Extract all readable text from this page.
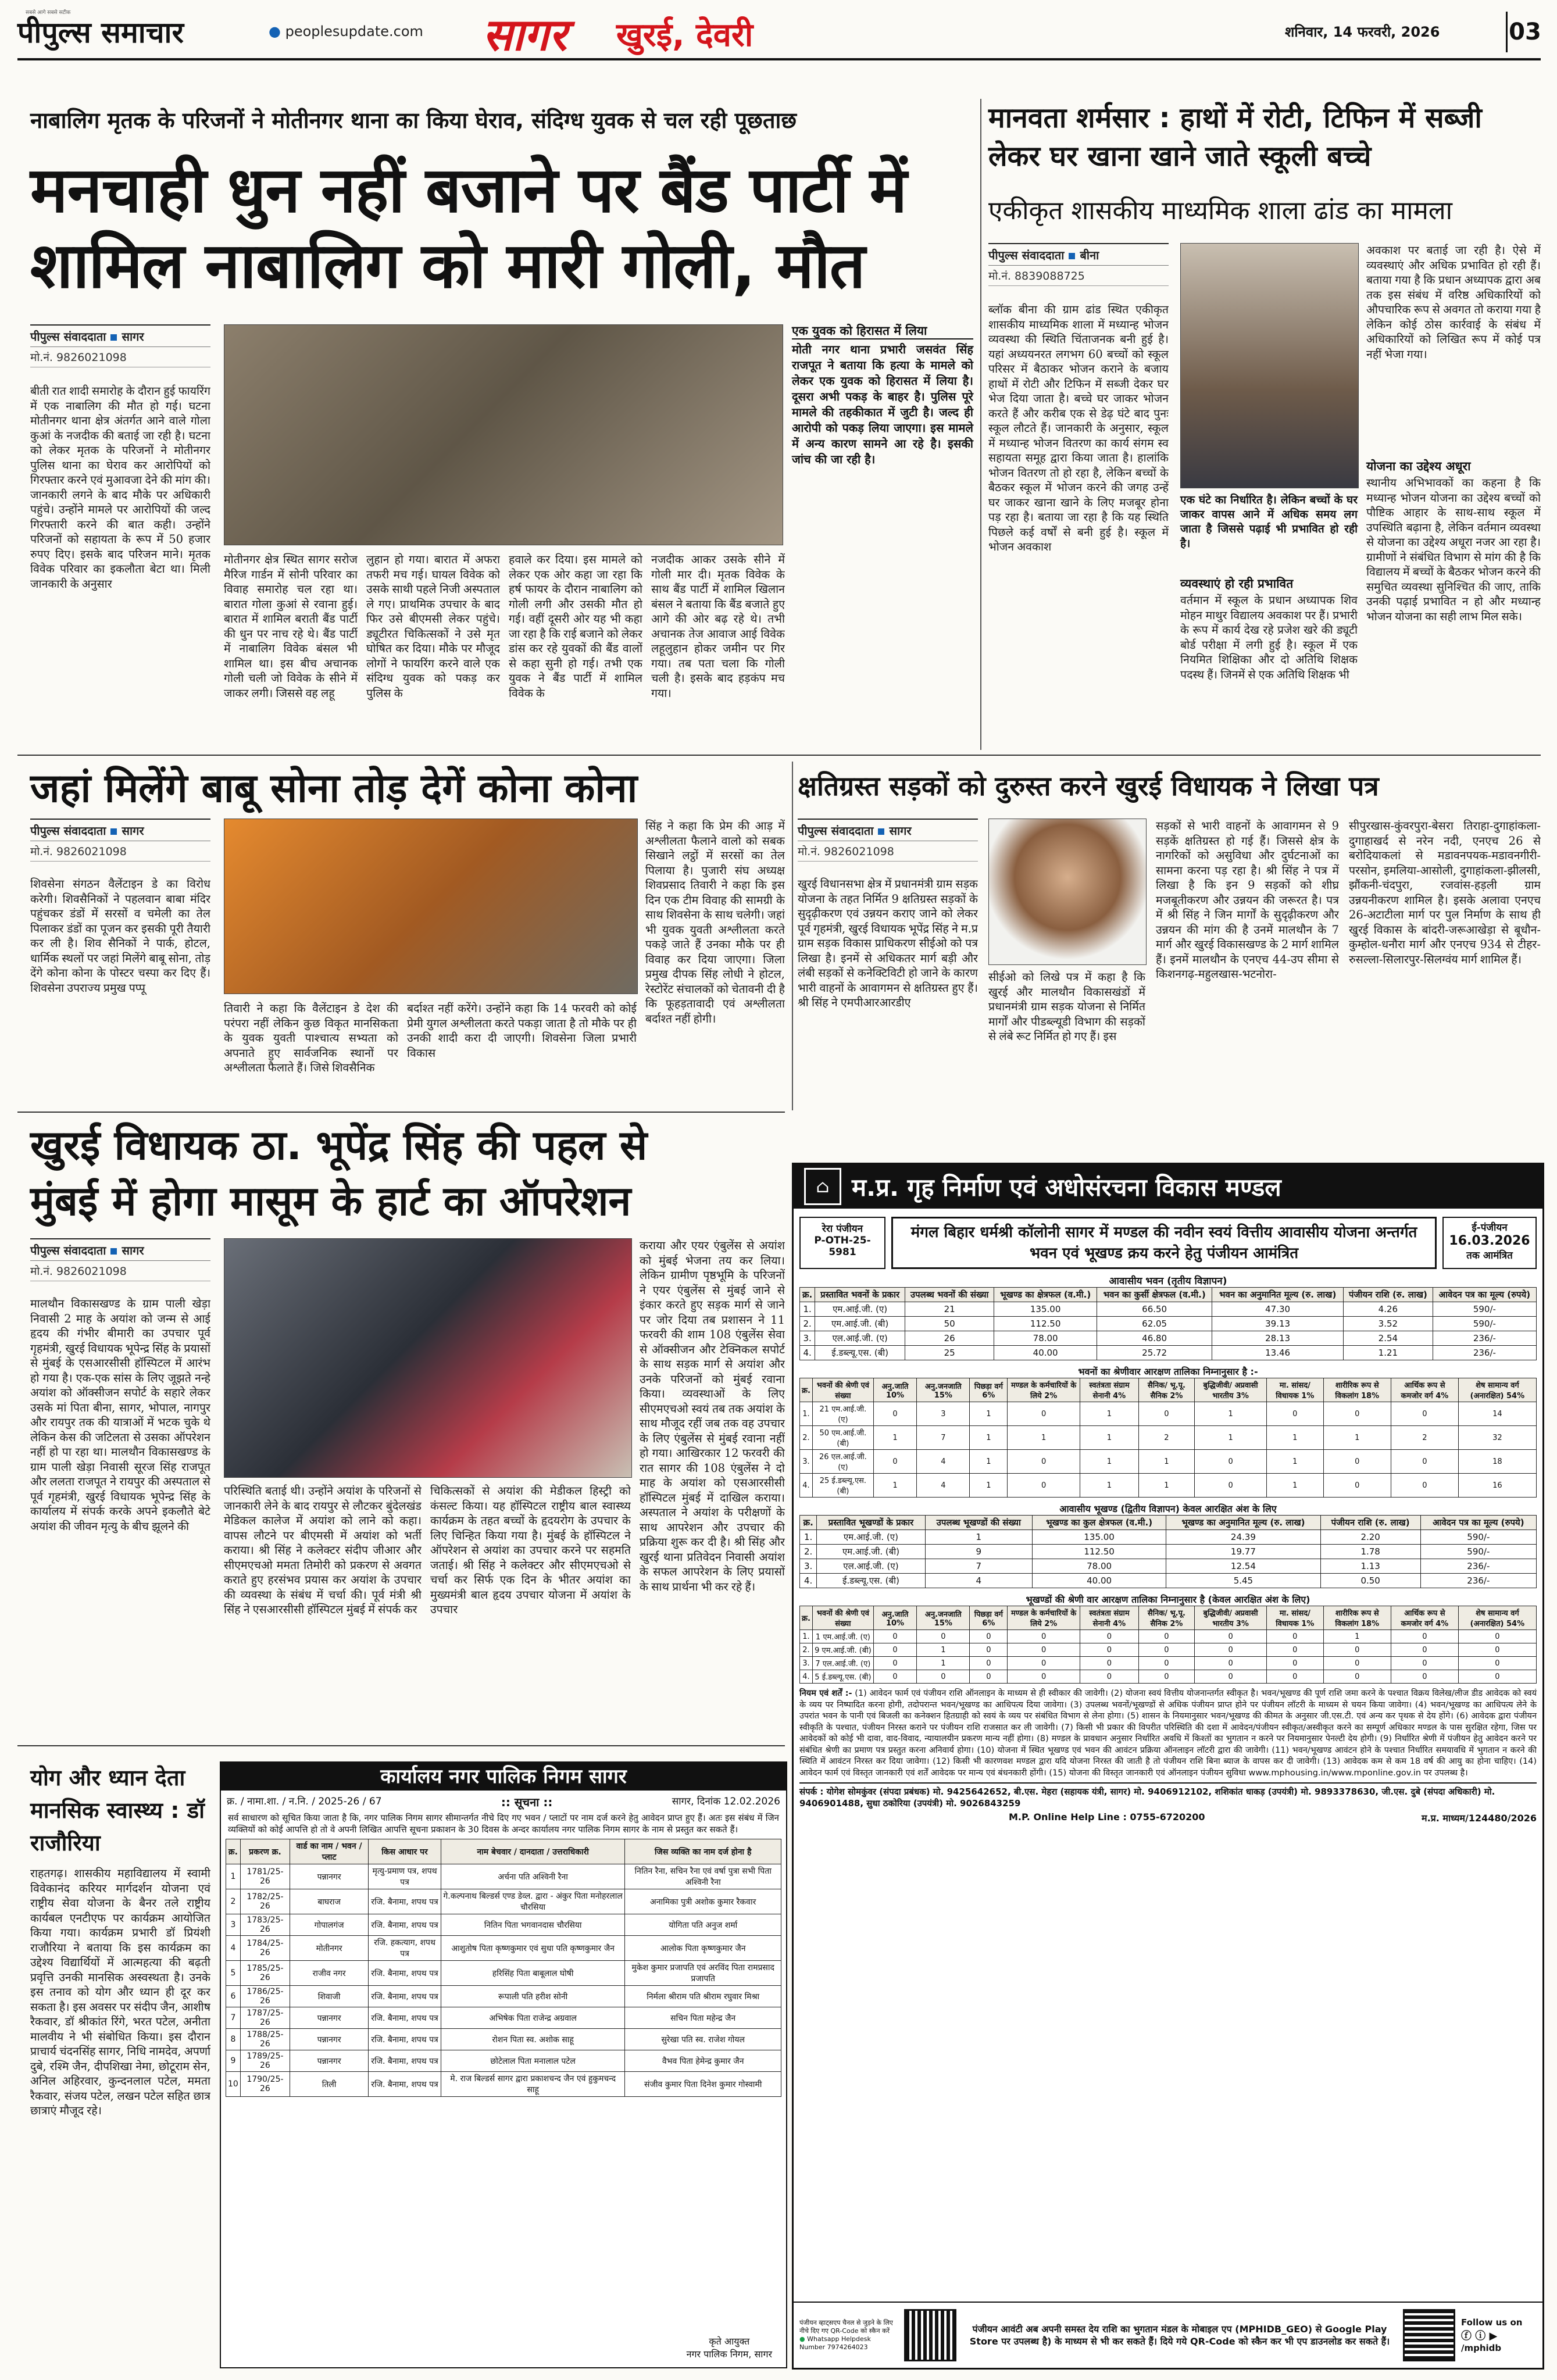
पीपुल्स समाचार
सबसे आगे सबसे सटीक
● peoplesupdate.com सागर खुरई, देवरी	शनिवार, 14 फरवरी, 2026	03
नाबालिग मृतक के परिजनों ने मोतीनगर थाना का किया घेराव, संदिग्ध युवक से चल रही पूछताछ
मनचाही धुन नहीं बजाने पर बैंड पार्टी में
शामिल नाबालिग को मारी गोली, मौत
पीपुल्स संवाददाता सागर
मो.नं. 9826021098
बीती रात शादी समारोह के दौरान हुई फायरिंग में एक नाबालिग की मौत हो गई। घटना मोतीनगर थाना क्षेत्र अंतर्गत आने वाले गोला कुआं के नजदीक की बताई जा रही है। घटना को लेकर मृतक के परिजनों ने मोतीनगर पुलिस थाना का घेराव कर आरोपियों को गिरफ्तार करने एवं मुआवजा देने की मांग की। जानकारी लगने के बाद मौके पर अधिकारी पहुंचे। उन्होंने मामले पर आरोपियों की जल्द गिरफ्तारी करने की बात कही। उन्होंने परिजनों को सहायता के रूप में 50 हजार रुपए दिए। इसके बाद परिजन माने। मृतक विवेक परिवार का इकलौता बेटा था। मिली जानकारी के अनुसार
मोतीनगर क्षेत्र स्थित सागर सरोज मैरिज गार्डन में सोनी परिवार का विवाह समारोह चल रहा था। बारात गोला कुआं से रवाना हुई। बारात में शामिल बराती बैंड पार्टी की धुन पर नाच रहे थे। बैंड पार्टी में नाबालिग विवेक बंसल भी शामिल था। इस बीच अचानक गोली चली जो विवेक के सीने में जाकर लगी। जिससे वह लहू
लुहान हो गया। बारात में अफरा तफरी मच गई। घायल विवेक को उसके साथी पहले निजी अस्पताल ले गए। प्राथमिक उपचार के बाद फिर उसे बीएमसी लेकर पहुंचे। ड्यूटीरत चिकित्सकों ने उसे मृत घोषित कर दिया। मौके पर मौजूद लोगों ने फायरिंग करने वाले एक संदिग्ध युवक को पकड़ कर पुलिस के
हवाले कर दिया। इस मामले को लेकर एक ओर कहा जा रहा कि हर्ष फायर के दौरान नाबालिग को गोली लगी और उसकी मौत हो गई। वहीं दूसरी ओर यह भी कहा जा रहा है कि राई बजाने को लेकर डांस कर रहे युवकों की बैंड वालों से कहा सुनी हो गई। तभी एक युवक ने बैंड पार्टी में शामिल विवेक के
नजदीक आकर उसके सीने में गोली मार दी। मृतक विवेक के साथ बैंड पार्टी में शामिल खिलान बंसल ने बताया कि बैंड बजाते हुए आगे की ओर बढ़ रहे थे। तभी अचानक तेज आवाज आई विवेक लहूलुहान होकर जमीन पर गिर गया। तब पता चला कि गोली चली है। इसके बाद हड़कंप मच गया।
एक युवक को हिरासत में लिया
मोती नगर थाना प्रभारी जसवंत सिंह राजपूत ने बताया कि हत्या के मामले को लेकर एक युवक को हिरासत में लिया है। दूसरा अभी पकड़ के बाहर है। पुलिस पूरे मामले की तहकीकात में जुटी है। जल्द ही आरोपी को पकड़ लिया जाएगा। इस मामले में अन्य कारण सामने आ रहे है। इसकी जांच की जा रही है।
मानवता शर्मसार : हाथों में रोटी, टिफिन में सब्जी लेकर घर खाना खाने जाते स्कूली बच्चे
एकीकृत शासकीय माध्यमिक शाला ढांड का मामला
पीपुल्स संवाददाता बीना
मो.नं. 8839088725
ब्लॉक बीना की ग्राम ढांड स्थित एकीकृत शासकीय माध्यमिक शाला में मध्यान्ह भोजन व्यवस्था की स्थिति चिंताजनक बनी हुई है। यहां अध्ययनरत लगभग 60 बच्चों को स्कूल परिसर में बैठाकर भोजन कराने के बजाय हाथों में रोटी और टिफिन में सब्जी देकर घर भेज दिया जाता है। बच्चे घर जाकर भोजन करते हैं और करीब एक से डेढ़ घंटे बाद पुनः स्कूल लौटते हैं। जानकारी के अनुसार, स्कूल में मध्यान्ह भोजन वितरण का कार्य संगम स्व सहायता समूह द्वारा किया जाता है। हालांकि भोजन वितरण तो हो रहा है, लेकिन बच्चों के बैठकर स्कूल में भोजन करने की जगह उन्हें घर जाकर खाना खाने के लिए मजबूर होना पड़ रहा है। बताया जा रहा है कि यह स्थिति पिछले कई वर्षों से बनी हुई है। स्कूल में भोजन अवकाश
एक घंटे का निर्धारित है। लेकिन बच्चों के घर जाकर वापस आने में अधिक समय लग जाता है जिससे पढ़ाई भी प्रभावित हो रही है।
व्यवस्थाएं हो रही प्रभावित
वर्तमान में स्कूल के प्रधान अध्यापक शिव मोहन माथुर विद्यालय अवकाश पर हैं। प्रभारी के रूप में कार्य देख रहे प्रजेश खरे की ड्यूटी बोर्ड परीक्षा में लगी हुई है। स्कूल में एक नियमित शिक्षिका और दो अतिथि शिक्षक पदस्थ हैं। जिनमें से एक अतिथि शिक्षक भी
अवकाश पर बताई जा रही है। ऐसे में व्यवस्थाएं और अधिक प्रभावित हो रही हैं। बताया गया है कि प्रधान अध्यापक द्वारा अब तक इस संबंध में वरिष्ठ अधिकारियों को औपचारिक रूप से अवगत तो कराया गया है लेकिन कोई ठोस कार्रवाई के संबंध में अधिकारियों को लिखित रूप में कोई पत्र नहीं भेजा गया।
योजना का उद्देश्य अधूरा
स्थानीय अभिभावकों का कहना है कि मध्यान्ह भोजन योजना का उद्देश्य बच्चों को पौष्टिक आहार के साथ-साथ स्कूल में उपस्थिति बढ़ाना है, लेकिन वर्तमान व्यवस्था से योजना का उद्देश्य अधूरा नजर आ रहा है। ग्रामीणों ने संबंधित विभाग से मांग की है कि विद्यालय में बच्चों के बैठकर भोजन करने की समुचित व्यवस्था सुनिश्चित की जाए, ताकि उनकी पढ़ाई प्रभावित न हो और मध्यान्ह भोजन योजना का सही लाभ मिल सके।
जहां मिलेंगे बाबू सोना तोड़ देगें कोना कोना
पीपुल्स संवाददाता सागर
मो.नं. 9826021098
शिवसेना संगठन वैलेंटाइन डे का विरोध करेगी। शिवसैनिकों ने पहलवान बाबा मंदिर पहुंचकर डंडों में सरसों व चमेली का तेल पिलाकर डंडों का पूजन कर इसकी पूरी तैयारी कर ली है। शिव सैनिकों ने पार्क, होटल, धार्मिक स्थलों पर जहां मिलेंगे बाबू सोना, तोड़ देंगे कोना कोना के पोस्टर चस्पा कर दिए हैं। शिवसेना उपराज्य प्रमुख पप्पू
तिवारी ने कहा कि वैलेंटाइन डे देश की परंपरा नहीं लेकिन कुछ विकृत मानसिकता के युवक युवती पाश्चात्य सभ्यता को अपनाते हुए सार्वजनिक स्थानों पर अश्लीलता फैलाते हैं। जिसे शिवसैनिक
बर्दाश्त नहीं करेंगे। उन्होंने कहा कि 14 फरवरी को कोई प्रेमी युगल अश्लीलता करते पकड़ा जाता है तो मौके पर ही उनकी शादी करा दी जाएगी। शिवसेना जिला प्रभारी विकास
सिंह ने कहा कि प्रेम की आड़ में अश्लीलता फैलाने वालो को सबक सिखाने लट्ठों में सरसों का तेल पिलाया है। पुजारी संघ अध्यक्ष शिवप्रसाद तिवारी ने कहा कि इस दिन एक टीम विवाह की सामग्री के साथ शिवसेना के साथ चलेगी। जहां भी युवक युवती अश्लीलता करते पकड़े जाते हैं उनका मौके पर ही विवाह कर दिया जाएगा। जिला प्रमुख दीपक सिंह लोधी ने होटल, रेस्टोरेंट संचालकों को चेतावनी दी है कि फूहड़तावादी एवं अश्लीलता बर्दाश्त नहीं होगी।
क्षतिग्रस्त सड़कों को दुरुस्त करने खुरई विधायक ने लिखा पत्र
पीपुल्स संवाददाता सागर
मो.नं. 9826021098
खुरई विधानसभा क्षेत्र में प्रधानमंत्री ग्राम सड़क योजना के तहत निर्मित 9 क्षतिग्रस्त सड़कों के सुदृढ़ीकरण एवं उन्नयन कराए जाने को लेकर पूर्व गृहमंत्री, खुरई विधायक भूपेंद्र सिंह ने म.प्र ग्राम सड़क विकास प्राधिकरण सीईओ को पत्र लिखा है। इनमें से अधिकतर मार्ग बड़ी और लंबी सड़कों से कनेक्टिविटी हो जाने के कारण भारी वाहनों के आवागमन से क्षतिग्रस्त हुए हैं। श्री सिंह ने एमपीआरआरडीए
सीईओ को लिखे पत्र में कहा है कि खुरई और मालथौन विकासखंडों में प्रधानमंत्री ग्राम सड़क योजना से निर्मित मार्गों और पीडब्ल्यूडी विभाग की सड़कों से लंबे रूट निर्मित हो गए हैं। इस
सड़कों से भारी वाहनों के आवागमन से 9 सड़कें क्षतिग्रस्त हो गई हैं। जिससे क्षेत्र के नागरिकों को असुविधा और दुर्घटनाओं का सामना करना पड़ रहा है। श्री सिंह ने पत्र में लिखा है कि इन 9 सड़कों को शीघ्र मजबूतीकरण और उन्नयन की जरूरत है। पत्र में श्री सिंह ने जिन मार्गों के सुदृढ़ीकरण और उन्नयन की मांग की है उनमें मालथौन के 7 मार्ग और खुरई विकासखण्ड के 2 मार्ग शामिल हैं। इनमें मालथौन के एनएच 44-उप सीमा से किशनगढ़-महुलखास-भटनोरा-
सीपुरखास-कुंवरपुरा-बेसरा तिराहा-दुगाहांकला-दुगाहाखर्द से नरेन नदी, एनएच 26 से बरोदियाकलां से मडावनपयक-मडावनगीरी-परसोन, इमलिया-आसोली, दुगाहांकला-झीलसी, झौंकनी-चंदपुरा, रजवांस-हड़ली ग्राम उन्नयनीकरण शामिल है। इसके अलावा एनएच 26-अटाटीला मार्ग पर पुल निर्माण के साथ ही खुरई विकास के बांदरी-जरूआखेड़ा से बूधौन-कुम्होल-धनौरा मार्ग और एनएच 934 से टीहर-रुसल्ला-सिलारपुर-सिलग्वंय मार्ग शामिल हैं।
खुरई विधायक ठा. भूपेंद्र सिंह की पहल से
मुंबई में होगा मासूम के हार्ट का ऑपरेशन
पीपुल्स संवाददाता सागर
मो.नं. 9826021098
मालथौन विकासखण्ड के ग्राम पाली खेड़ा निवासी 2 माह के अयांश को जन्म से आई हृदय की गंभीर बीमारी का उपचार पूर्व गृहमंत्री, खुरई विधायक भूपेन्द्र सिंह के प्रयासों से मुंबई के एसआरसीसी हॉस्पिटल में आरंभ हो गया है। एक-एक सांस के लिए जूझते नन्हे अयांश को ऑक्सीजन सपोर्ट के सहारे लेकर उसके मां पिता बीना, सागर, भोपाल, नागपुर और रायपुर तक की यात्राओं में भटक चुके थे लेकिन केस की जटिलता से उसका ऑपरेशन नहीं हो पा रहा था। मालथौन विकासखण्ड के ग्राम पाली खेड़ा निवासी सूरज सिंह राजपूत और ललता राजपूत ने रायपुर की अस्पताल से पूर्व गृहमंत्री, खुरई विधायक भूपेन्द्र सिंह के कार्यालय में संपर्क करके अपने इकलौते बेटे अयांश की जीवन मृत्यु के बीच झूलने की
परिस्थिति बताई थी। उन्होंने अयांश के परिजनों से जानकारी लेने के बाद रायपुर से लौटकर बुंदेलखंड मेडिकल कालेज में अयांश को लाने को कहा। वापस लौटने पर बीएमसी में अयांश को भर्ती कराया। श्री सिंह ने कलेक्टर संदीप जीआर और सीएमएचओ ममता तिमोरी को प्रकरण से अवगत कराते हुए हरसंभव प्रयास कर अयांश के उपचार की व्यवस्था के संबंध में चर्चा की। पूर्व मंत्री श्री सिंह ने एसआरसीसी हॉस्पिटल मुंबई में संपर्क कर
चिकित्सकों से अयांश की मेडीकल हिस्ट्री को कंसल्ट किया। यह हॉस्पिटल राष्ट्रीय बाल स्वास्थ्य कार्यक्रम के तहत बच्चों के हृदयरोग के उपचार के लिए चिन्हित किया गया है। मुंबई के हॉस्पिटल ने ऑपरेशन से अयांश का उपचार करने पर सहमति जताई। श्री सिंह ने कलेक्टर और सीएमएचओ से चर्चा कर सिर्फ एक दिन के भीतर अयांश का मुख्यमंत्री बाल हृदय उपचार योजना में अयांश के उपचार
कराया और एयर एंबुलेंस से अयांश को मुंबई भेजना तय कर लिया। लेकिन ग्रामीण पृष्ठभूमि के परिजनों ने एयर एंबुलेंस से मुंबई जाने से इंकार करते हुए सड़क मार्ग से जाने पर जोर दिया तब प्रशासन ने 11 फरवरी की शाम 108 एंबुलेंस सेवा से ऑक्सीजन और टेक्निकल सपोर्ट के साथ सड़क मार्ग से अयांश और उनके परिजनों को मुंबई रवाना किया। व्यवस्थाओं के लिए सीएमएचओ स्वयं तब तक अयांश के साथ मौजूद रहीं जब तक वह उपचार के लिए एंबुलेंस से मुंबई रवाना नहीं हो गया। आखिरकार 12 फरवरी की रात सागर की 108 एंबुलेंस ने दो माह के अयांश को एसआरसीसी हॉस्पिटल मुंबई में दाखिल कराया। अस्पताल ने अयांश के परीक्षणों के साथ आपरेशन और उपचार की प्रक्रिया शुरू कर दी है। श्री सिंह और खुरई थाना प्रतिवेदन निवासी अयांश के सफल आपरेशन के लिए प्रयासों के साथ प्रार्थना भी कर रहे हैं।
योग और ध्यान देता मानसिक स्वास्थ्य : डॉ राजौरिया
राहतगढ़। शासकीय महाविद्यालय में स्वामी विवेकानंद करियर मार्गदर्शन योजना एवं राष्ट्रीय सेवा योजना के बैनर तले राष्ट्रीय कार्यबल एनटीएफ पर कार्यक्रम आयोजित किया गया। कार्यक्रम प्रभारी डॉ प्रियंशी राजौरिया ने बताया कि इस कार्यक्रम का उद्देश्य विद्यार्थियों में आत्महत्या की बढ़ती प्रवृत्ति उनकी मानसिक अस्वस्थता है। उनके इस तनाव को योग और ध्यान ही दूर कर सकता है। इस अवसर पर संदीप जैन, आशीष रैकवार, डॉ श्रीकांत रिंगे, भरत पटेल, अनीता मालवीय ने भी संबोधित किया। इस दौरान प्राचार्य चंदनसिंह सागर, निधि नामदेव, अपर्णा दुबे, रश्मि जैन, दीपशिखा नेमा, छोटूराम सेन, अनिल अहिरवार, कुन्दनलाल पटेल, ममता रैकवार, संजय पटेल, लखन पटेल सहित छात्र छात्राएं मौजूद रहे।
कार्यालय नगर पालिक निगम सागर
क्र. / नामा.शा. / न.नि. / 2025-26 / 67	:: सूचना ::	सागर, दिनांक 12.02.2026
सर्व साधारण को सूचित किया जाता है कि, नगर पालिक निगम सागर सीमान्तर्गत नीचे दिए गए भवन / प्लाटों पर नाम दर्ज करने हेतु आवेदन प्राप्त हुए हैं। अतः इस संबंध में जिन व्यक्तियों को कोई आपत्ति हो तो वे अपनी लिखित आपत्ति सूचना प्रकाशन के 30 दिवस के अन्दर कार्यालय नगर पालिक निगम सागर के नाम से प्रस्तुत कर सकते हैं।
क्र.	प्रकरण क्र.	वार्ड का नाम / भवन / प्लाट	किस आधार पर	नाम बेचवार / दानदाता / उत्तराधिकारी	जिस व्यक्ति का नाम दर्ज होना है
1	1781/25-26	पन्नानगर	मृत्यु-प्रमाण पत्र, शपथ पत्र	अर्चना पति अश्विनी रैना	नितिन रैना, सचिन रैना एवं वर्षा पुत्रा सभी पिता अश्विनी रैना
2	1782/25-26	बाघराज	रजि. बैनामा, शपथ पत्र	गे.कल्पनाथ बिल्डर्स एण्ड डेव्ल. द्वारा - अंकुर पिता मनोहरलाल चौरसिया	अनामिका पुत्री अशोक कुमार रैकवार
3	1783/25-26	गोपालगंज	रजि. बैनामा, शपथ पत्र	नितिन पिता भगवानदास चौरसिया	योगिता पति अनुज शर्मा
4	1784/25-26	मोतीनगर	रजि. हकत्याग, शपथ पत्र	आशुतोष पिता कृष्णकुमार एवं सुधा पति कृष्णकुमार जैन	आलोक पिता कृष्णकुमार जैन
5	1785/25-26	राजीव नगर	रजि. बैनामा, शपथ पत्र	हरिसिंह पिता बाबूलाल घोषी	मुकेश कुमार प्रजापति एवं अरविंद पिता रामप्रसाद प्रजापति
6	1786/25-26	शिवाजी	रजि. बैनामा, शपथ पत्र	रूपाली पति हरीश सोनी	निर्मला श्रीराम पति श्रीराम रघुवार मिश्रा
7	1787/25-26	पन्नानगर	रजि. बैनामा, शपथ पत्र	अभिषेक पिता राजेन्द्र अग्रवाल	सचिन पिता महेन्द्र जैन
8	1788/25-26	पन्नानगर	रजि. बैनामा, शपथ पत्र	रोशन पिता स्व. अशोक साहू	सुरेखा पति स्व. राजेश गोयल
9	1789/25-26	पन्नानगर	रजि. बैनामा, शपथ पत्र	छोटेलाल पिता मनालाल पटेल	वैभव पिता हेमेन्द्र कुमार जैन
10	1790/25-26	तिली	रजि. बैनामा, शपथ पत्र	मे. राज बिल्डर्स सागर द्वारा प्रकाशचन्द जैन एवं हुकुमचन्द साहू	संजीव कुमार पिता दिनेश कुमार गोस्वामी
कृते आयुक्त
नगर पालिक निगम, सागर
⌂ म.प्र. गृह निर्माण एवं अधोसंरचना विकास मण्डल
रेरा पंजीयन
P-OTH-25-5981
मंगल बिहार धर्मश्री कॉलोनी सागर में मण्डल की नवीन स्वयं वित्तीय आवासीय योजना अन्तर्गत भवन एवं भूखण्ड क्रय करने हेतु पंजीयन आमंत्रित
ई-पंजीयन
16.03.2026
तक आमंत्रित
आवासीय भवन (तृतीय विज्ञापन)
क्र.	प्रस्तावित भवनों के प्रकार	उपलब्ध भवनों की संख्या	भूखण्ड का क्षेत्रफल (व.मी.)	भवन का कुर्सी क्षेत्रफल (व.मी.)	भवन का अनुमानित मूल्य (रु. लाख)	पंजीयन राशि (रु. लाख)	आवेदन पत्र का मूल्य (रुपये)
1.	एम.आई.जी. (ए)	21	135.00	66.50	47.30	4.26	590/-
2.	एम.आई.जी. (बी)	50	112.50	62.05	39.13	3.52	590/-
3.	एल.आई.जी. (ए)	26	78.00	46.80	28.13	2.54	236/-
4.	ई.डब्ल्यू.एस. (बी)	25	40.00	25.72	13.46	1.21	236/-
भवनों का श्रेणीवार आरक्षण तालिका निम्नानुसार है :-
क्र.	भवनों की श्रेणी एवं संख्या	अनु.जाति 10%	अनु.जनजाति 15%	पिछड़ा वर्ग 6%	मण्डल के कर्मचारियों के लिये 2%	स्वतंत्रता संग्राम सेनानी 4%	सैनिक/ भू.पू. सैनिक 2%	बुद्धिजीवी/ अप्रवासी भारतीय 3%	मा. सांसद/ विधायक 1%	शारीरिक रूप से विकलांग 18%	आर्थिक रूप से कमजोर वर्ग 4%	शेष सामान्य वर्ग (अनारक्षित) 54%
1.	21 एम.आई.जी. (ए)	0	3	1	0	1	0	1	0	0	0	14
2.	50 एम.आई.जी. (बी)	1	7	1	1	1	2	1	1	1	2	32
3.	26 एल.आई.जी. (ए)	0	4	1	0	1	1	0	1	0	0	18
4.	25 ई.डब्ल्यू.एस. (बी)	1	4	1	0	1	1	0	1	0	0	16
आवासीय भूखण्ड (द्वितीय विज्ञापन) केवल आरक्षित अंश के लिए
क्र.	प्रस्तावित भूखण्डों के प्रकार	उपलब्ध भूखण्डों की संख्या	भूखण्ड का कुल क्षेत्रफल (व.मी.)	भूखण्ड का अनुमानित मूल्य (रु. लाख)	पंजीयन राशि (रु. लाख)	आवेदन पत्र का मूल्य (रुपये)
1.	एम.आई.जी. (ए)	1	135.00	24.39	2.20	590/-
2.	एम.आई.जी. (बी)	9	112.50	19.77	1.78	590/-
3.	एल.आई.जी. (ए)	7	78.00	12.54	1.13	236/-
4.	ई.डब्ल्यू.एस. (बी)	4	40.00	5.45	0.50	236/-
भूखण्डों की श्रेणी वार आरक्षण तालिका निम्नानुसार है (केवल आरक्षित अंश के लिए)
क्र.	भवनों की श्रेणी एवं संख्या	अनु.जाति 10%	अनु.जनजाति 15%	पिछड़ा वर्ग 6%	मण्डल के कर्मचारियों के लिये 2%	स्वतंत्रता संग्राम सेनानी 4%	सैनिक/ भू.पू. सैनिक 2%	बुद्धिजीवी/ अप्रवासी भारतीय 3%	मा. सांसद/ विधायक 1%	शारीरिक रूप से विकलांग 18%	आर्थिक रूप से कमजोर वर्ग 4%	शेष सामान्य वर्ग (अनारक्षित) 54%
1.	1 एम.आई.जी. (ए)	0	0	0	0	0	0	0	0	1	0	0
2.	9 एम.आई.जी. (बी)	0	1	0	0	0	0	0	0	0	0	0
3.	7 एल.आई.जी. (ए)	0	1	0	0	0	0	0	0	0	0	0
4.	5 ई.डब्ल्यू.एस. (बी)	0	0	0	0	0	0	0	0	0	0	0
नियम एवं शर्तें :- (1) आवेदन फार्म एवं पंजीयन राशि ऑनलाइन के माध्यम से ही स्वीकार की जावेगी। (2) योजना स्वयं वित्तीय योजनान्तर्गत स्वीकृत है। भवन/भूखण्ड की पूर्ण राशि जमा करने के पश्चात विक्रय विलेख/लीज डीड आवेदक को स्वयं के व्यय पर निष्पादित करना होगी, तदोपरान्त भवन/भूखण्ड का आधिपत्य दिया जावेगा। (3) उपलब्ध भवनों/भूखण्डों से अधिक पंजीयन प्राप्त होने पर पंजीयन लॉटरी के माध्यम से चयन किया जावेगा। (4) भवन/भूखण्ड का आधिपत्य लेने के उपरांत भवन के पानी एवं बिजली का कनेक्शन हितग्राही को स्वयं के व्यय पर संबंधित विभाग से लेना होगा। (5) शासन के नियमानुसार भवन/भूखण्ड की कीमत के अनुसार जी.एस.टी. एवं अन्य कर पृथक से देय होंगे। (6) आवेदक द्वारा पंजीयन स्वीकृति के पश्चात, पंजीयन निरस्त कराने पर पंजीयन राशि राजसात कर ली जावेगी। (7) किसी भी प्रकार की विपरीत परिस्थिति की दशा में आवेदन/पंजीयन स्वीकृत/अस्वीकृत करने का सम्पूर्ण अधिकार मण्डल के पास सुरक्षित रहेगा, जिस पर आवेदकों को कोई भी दावा, वाद-विवाद, न्यायालयीन प्रकरण मान्य नहीं होगा। (8) मण्डल के प्रावधान अनुसार निर्धारित अवधि में किश्तों का भुगतान न करने पर नियमानुसार पेनल्टी देय होगी। (9) निर्धारित श्रेणी में पंजीयन हेतु आवेदन करने पर संबंधित श्रेणी का प्रमाण पत्र प्रस्तुत करना अनिवार्य होगा। (10) योजना में स्थित भूखण्ड एवं भवन की आवंटन प्रक्रिया ऑनलाइन लॉटरी द्वारा की जावेगी। (11) भवन/भूखण्ड आवंटन होने के पश्चात निर्धारित समयावधि में भुगतान न करने की स्थिति में आवंटन निरस्त कर दिया जावेगा। (12) किसी भी कारणवश मण्डल द्वारा यदि योजना निरस्त की जाती है तो पंजीयन राशि बिना ब्याज के वापस कर दी जावेगी। (13) आवेदक कम से कम 18 वर्ष की आयु का होना चाहिए। (14) आवेदन फार्म एवं विस्तृत जानकारी एवं शर्तें आवेदक पर मान्य एवं बंधनकारी होंगी। (15) योजना की विस्तृत जानकारी एवं ऑनलाइन पंजीयन सुविधा www.mphousing.in/www.mponline.gov.in पर उपलब्ध है।
संपर्क : योगेश सोमकुंवर (संपदा प्रबंधक) मो. 9425642652, बी.एस. मेहरा (सहायक यंत्री, सागर) मो. 9406912102, शशिकांत धाकड़ (उपयंत्री) मो. 9893378630, जी.एस. दुबे (संपदा अधिकारी) मो. 9406901488, सुधा ठकोरिया (उपयंत्री) मो. 9026843259
M.P. Online Help Line : 0755-6720200	म.प्र. माध्यम/124480/2026
पंजीयन व्हाट्सएप चैनल से जुड़ने के लिए नीचे दिए गए QR-Code को स्कैन करें
● Whatsapp Helpdesk Number 7974264023
पंजीयन आवंटी अब अपनी समस्त देय राशि का भुगतान मंडल के मोबाइल एप (MPHIDB_GEO) से Google Play Store पर उपलब्ध है) के माध्यम से भी कर सकते हैं। दिये गये QR-Code को स्कैन कर भी एप डाउनलोड कर सकते हैं।
Follow us on
ⓕ ⓘ ▶
/mphidb
